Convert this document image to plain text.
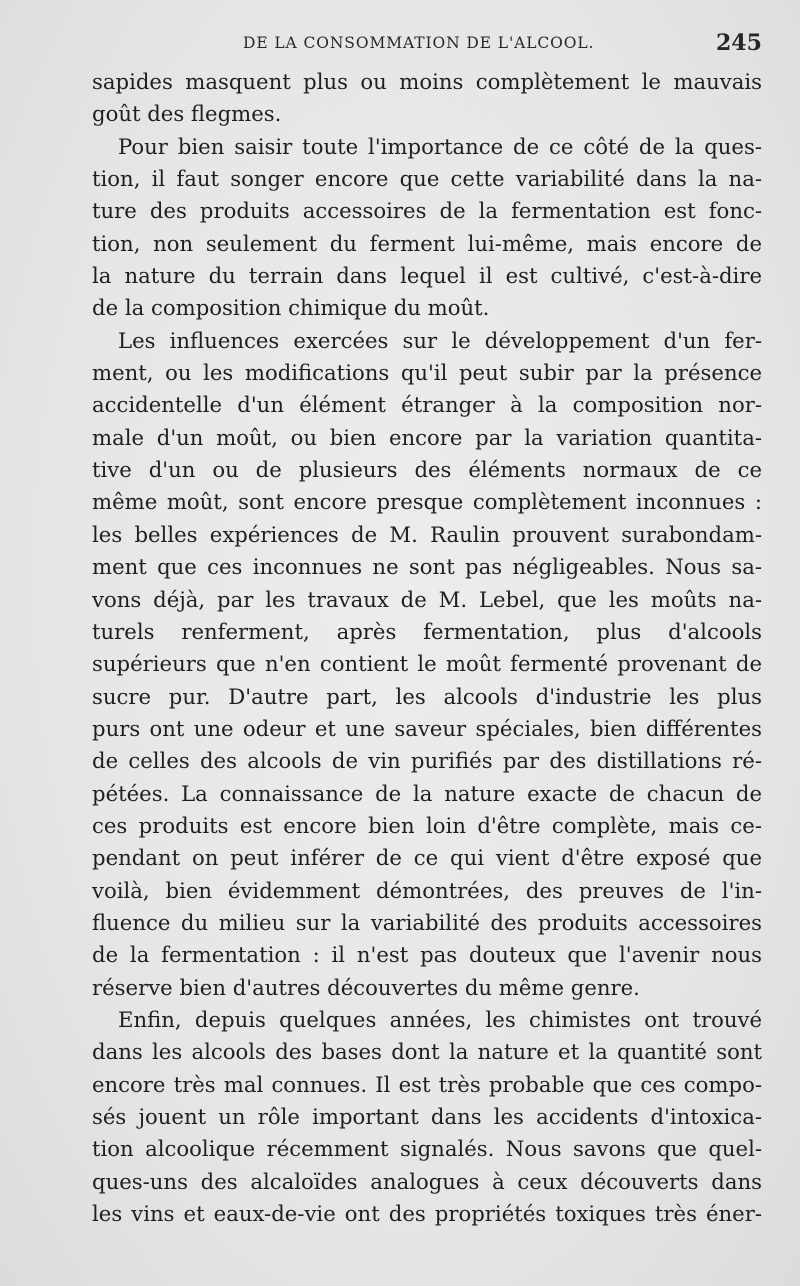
DE LA CONSOMMATION DE L'ALCOOL.	245
sapides masquent plus ou moins complètement le mauvais
goût des flegmes.
Pour bien saisir toute l'importance de ce côté de la ques-
tion, il faut songer encore que cette variabilité dans la na-
ture des produits accessoires de la fermentation est fonc-
tion, non seulement du ferment lui-même, mais encore de
la nature du terrain dans lequel il est cultivé, c'est-à-dire
de la composition chimique du moût.
Les influences exercées sur le développement d'un fer-
ment, ou les modifications qu'il peut subir par la présence
accidentelle d'un élément étranger à la composition nor-
male d'un moût, ou bien encore par la variation quantita-
tive d'un ou de plusieurs des éléments normaux de ce
même moût, sont encore presque complètement inconnues :
les belles expériences de M. Raulin prouvent surabondam-
ment que ces inconnues ne sont pas négligeables. Nous sa-
vons déjà, par les travaux de M. Lebel, que les moûts na-
turels renferment, après fermentation, plus d'alcools
supérieurs que n'en contient le moût fermenté provenant de
sucre pur. D'autre part, les alcools d'industrie les plus
purs ont une odeur et une saveur spéciales, bien différentes
de celles des alcools de vin purifiés par des distillations ré-
pétées. La connaissance de la nature exacte de chacun de
ces produits est encore bien loin d'être complète, mais ce-
pendant on peut inférer de ce qui vient d'être exposé que
voilà, bien évidemment démontrées, des preuves de l'in-
fluence du milieu sur la variabilité des produits accessoires
de la fermentation : il n'est pas douteux que l'avenir nous
réserve bien d'autres découvertes du même genre.
Enfin, depuis quelques années, les chimistes ont trouvé
dans les alcools des bases dont la nature et la quantité sont
encore très mal connues. Il est très probable que ces compo-
sés jouent un rôle important dans les accidents d'intoxica-
tion alcoolique récemment signalés. Nous savons que quel-
ques-uns des alcaloïdes analogues à ceux découverts dans
les vins et eaux-de-vie ont des propriétés toxiques très éner-
